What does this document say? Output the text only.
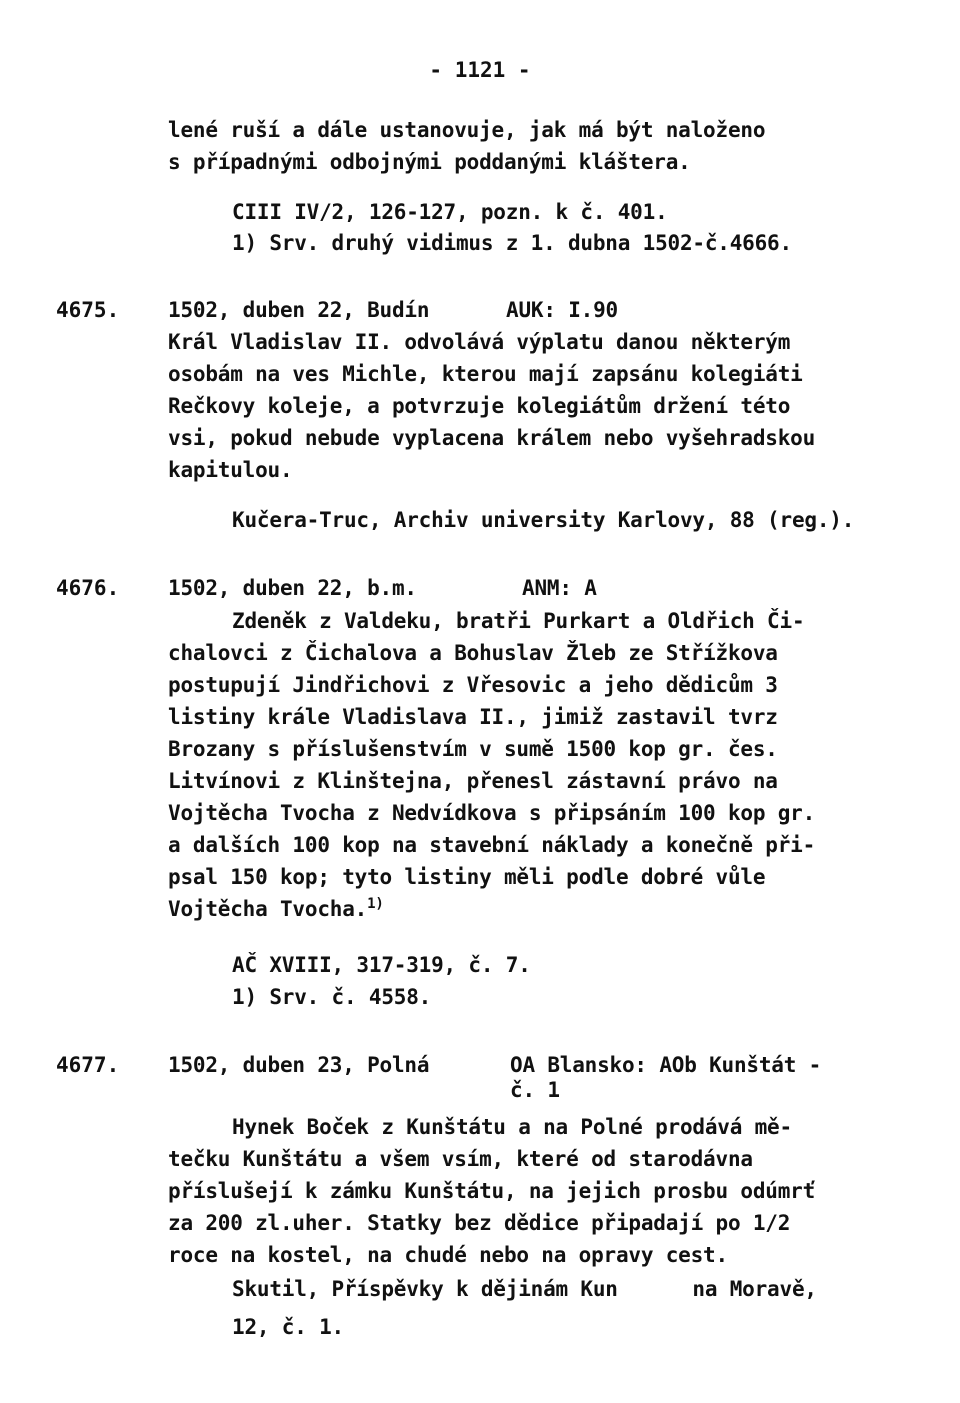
- 1121 -
lené ruší a dále ustanovuje, jak má být naloženo
s případnými odbojnými poddanými kláštera.
CIII IV/2, 126-127, pozn. k č. 401.
1) Srv. druhý vidimus z 1. dubna 1502-č.4666.
4675. 1502, duben 22, Budín	AUK: I.90
Král Vladislav II. odvolává výplatu danou některým
osobám na ves Michle, kterou mají zapsánu kolegiáti
Rečkovy koleje, a potvrzuje kolegiátům držení této
vsi, pokud nebude vyplacena králem nebo vyšehradskou
kapitulou.
Kučera-Truc, Archiv university Karlovy, 88 (reg.).
4676. 1502, duben 22, b.m.	ANM: A
Zdeněk z Valdeku, bratři Purkart a Oldřich Či-
chalovci z Čichalova a Bohuslav Žleb ze Střížkova
postupují Jindřichovi z Vřesovic a jeho dědicům 3
listiny krále Vladislava II., jimiž zastavil tvrz
Brozany s příslušenstvím v sumě 1500 kop gr. čes.
Litvínovi z Klinštejna, přenesl zástavní právo na
Vojtěcha Tvocha z Nedvídkova s připsáním 100 kop gr.
a dalších 100 kop na stavební náklady a konečně při-
psal 150 kop; tyto listiny měli podle dobré vůle
Vojtěcha Tvocha.$^{1)}$
AČ XVIII, 317-319, č. 7.
1) Srv. č. 4558.
4677. 1502, duben 23, Polná	OA Blansko: AOb Kunštát -
č. 1
Hynek Boček z Kunštátu a na Polné prodává mě-
tečku Kunštátu a všem vsím, které od starodávna
příslušejí k zámku Kunštátu, na jejich prosbu odúmrť
za 200 zl.uher. Statky bez dědice připadají po 1/2
roce na kostel, na chudé nebo na opravy cest.
Skutil, Příspěvky k dějinám Kun      na Moravě,
12, č. 1.
